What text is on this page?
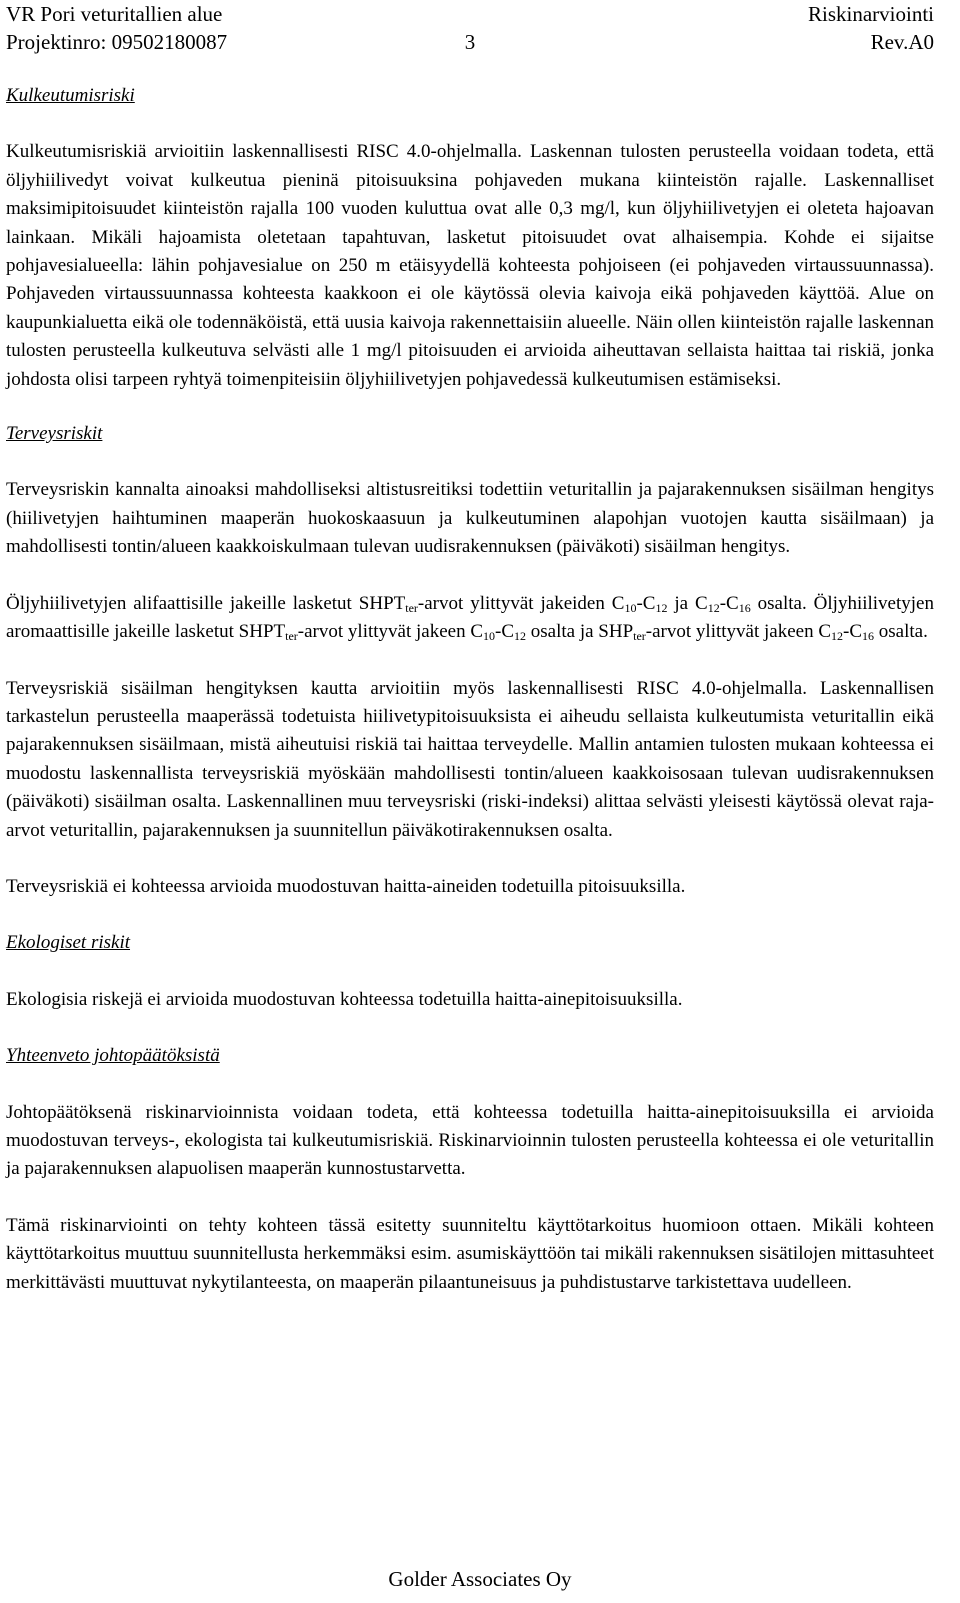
VR Pori veturitallien alue	Riskinarviointi
Projektinro: 09502180087	3	Rev.A0
Kulkeutumisriski

Kulkeutumisriskiä arvioitiin laskennallisesti RISC 4.0-ohjelmalla. Laskennan tulosten perusteella voidaan todeta, että öljyhiilivedyt voivat kulkeutua pieninä pitoisuuksina pohjaveden mukana kiinteistön rajalle. Laskennalliset maksimipitoisuudet kiinteistön rajalla 100 vuoden kuluttua ovat alle 0,3 mg/l, kun öljyhiilivetyjen ei oleteta hajoavan lainkaan. Mikäli hajoamista oletetaan tapahtuvan, lasketut pitoisuudet ovat alhaisempia. Kohde ei sijaitse pohjavesialueella: lähin pohjavesialue on 250 m etäisyydellä kohteesta pohjoiseen (ei pohjaveden virtaussuunnassa). Pohjaveden virtaussuunnassa kohteesta kaakkoon ei ole käytössä olevia kaivoja eikä pohjaveden käyttöä. Alue on kaupunkialuetta eikä ole todennäköistä, että uusia kaivoja rakennettaisiin alueelle. Näin ollen kiinteistön rajalle laskennan tulosten perusteella kulkeutuva selvästi alle 1 mg/l pitoisuuden ei arvioida aiheuttavan sellaista haittaa tai riskiä, jonka johdosta olisi tarpeen ryhtyä toimenpiteisiin öljyhiilivetyjen pohjavedessä kulkeutumisen estämiseksi.

Terveysriskit

Terveysriskin kannalta ainoaksi mahdolliseksi altistusreitiksi todettiin veturitallin ja pajarakennuksen sisäilman hengitys (hiilivetyjen haihtuminen maaperän huokoskaasuun ja kulkeutuminen alapohjan vuotojen kautta sisäilmaan) ja mahdollisesti tontin/alueen kaakkoiskulmaan tulevan uudisrakennuksen (päiväkoti) sisäilman hengitys.

Öljyhiilivetyjen alifaattisille jakeille lasketut $SHPT_{ter}$-arvot ylittyvät jakeiden $C_{10}-C_{12}$ ja $C_{12}-C_{16}$ osalta. Öljyhiilivetyjen aromaattisille jakeille lasketut $SHPT_{ter}$-arvot ylittyvät jakeen $C_{10}-C_{12}$ osalta ja $SHP_{ter}$-arvot ylittyvät jakeen $C_{12}-C_{16}$ osalta.

Terveysriskiä sisäilman hengityksen kautta arvioitiin myös laskennallisesti RISC 4.0-ohjelmalla. Laskennallisen tarkastelun perusteella maaperässä todetuista hiilivetypitoisuuksista ei aiheudu sellaista kulkeutumista veturitallin eikä pajarakennuksen sisäilmaan, mistä aiheutuisi riskiä tai haittaa terveydelle. Mallin antamien tulosten mukaan kohteessa ei muodostu laskennallista terveysriskiä myöskään mahdollisesti tontin/alueen kaakkoisosaan tulevan uudisrakennuksen (päiväkoti) sisäilman osalta. Laskennallinen muu terveysriski (riski-indeksi) alittaa selvästi yleisesti käytössä olevat raja-arvot veturitallin, pajarakennuksen ja suunnitellun päiväkotirakennuksen osalta.

Terveysriskiä ei kohteessa arvioida muodostuvan haitta-aineiden todetuilla pitoisuuksilla.

Ekologiset riskit

Ekologisia riskejä ei arvioida muodostuvan kohteessa todetuilla haitta-ainepitoisuuksilla.

Yhteenveto johtopäätöksistä

Johtopäätöksenä riskinarvioinnista voidaan todeta, että kohteessa todetuilla haitta-ainepitoisuuksilla ei arvioida muodostuvan terveys-, ekologista tai kulkeutumisriskiä. Riskinarvioinnin tulosten perusteella kohteessa ei ole veturitallin ja pajarakennuksen alapuolisen maaperän kunnostustarvetta.

Tämä riskinarviointi on tehty kohteen tässä esitetty suunniteltu käyttötarkoitus huomioon ottaen. Mikäli kohteen käyttötarkoitus muuttuu suunnitellusta herkemmäksi esim. asumiskäyttöön tai mikäli rakennuksen sisätilojen mittasuhteet merkittävästi muuttuvat nykytilanteesta, on maaperän pilaantuneisuus ja puhdistustarve tarkistettava uudelleen.

Golder Associates Oy
